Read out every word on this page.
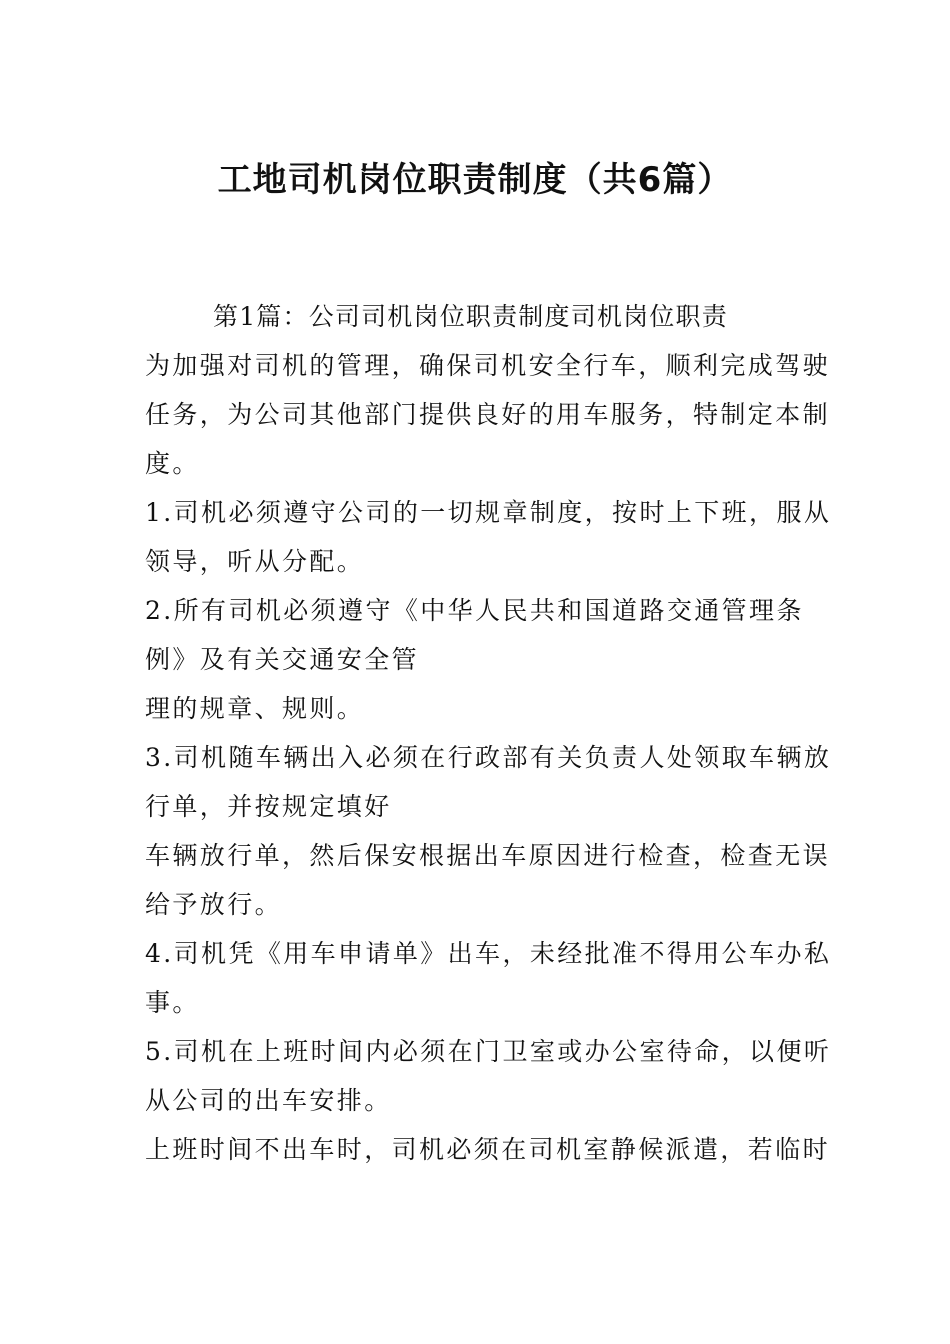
工地司机岗位职责制度（共6篇）
第1篇：公司司机岗位职责制度司机岗位职责
为加强对司机的管理，确保司机安全行车，顺利完成驾驶
任务，为公司其他部门提供良好的用车服务，特制定本制
度。
1.司机必须遵守公司的一切规章制度，按时上下班，服从
领导，听从分配。
2.所有司机必须遵守《中华人民共和国道路交通管理条
例》及有关交通安全管
理的规章、规则。
3.司机随车辆出入必须在行政部有关负责人处领取车辆放
行单，并按规定填好
车辆放行单，然后保安根据出车原因进行检查，检查无误
给予放行。
4.司机凭《用车申请单》出车，未经批准不得用公车办私
事。
5.司机在上班时间内必须在门卫室或办公室待命，以便听
从公司的出车安排。
上班时间不出车时，司机必须在司机室静候派遣，若临时
